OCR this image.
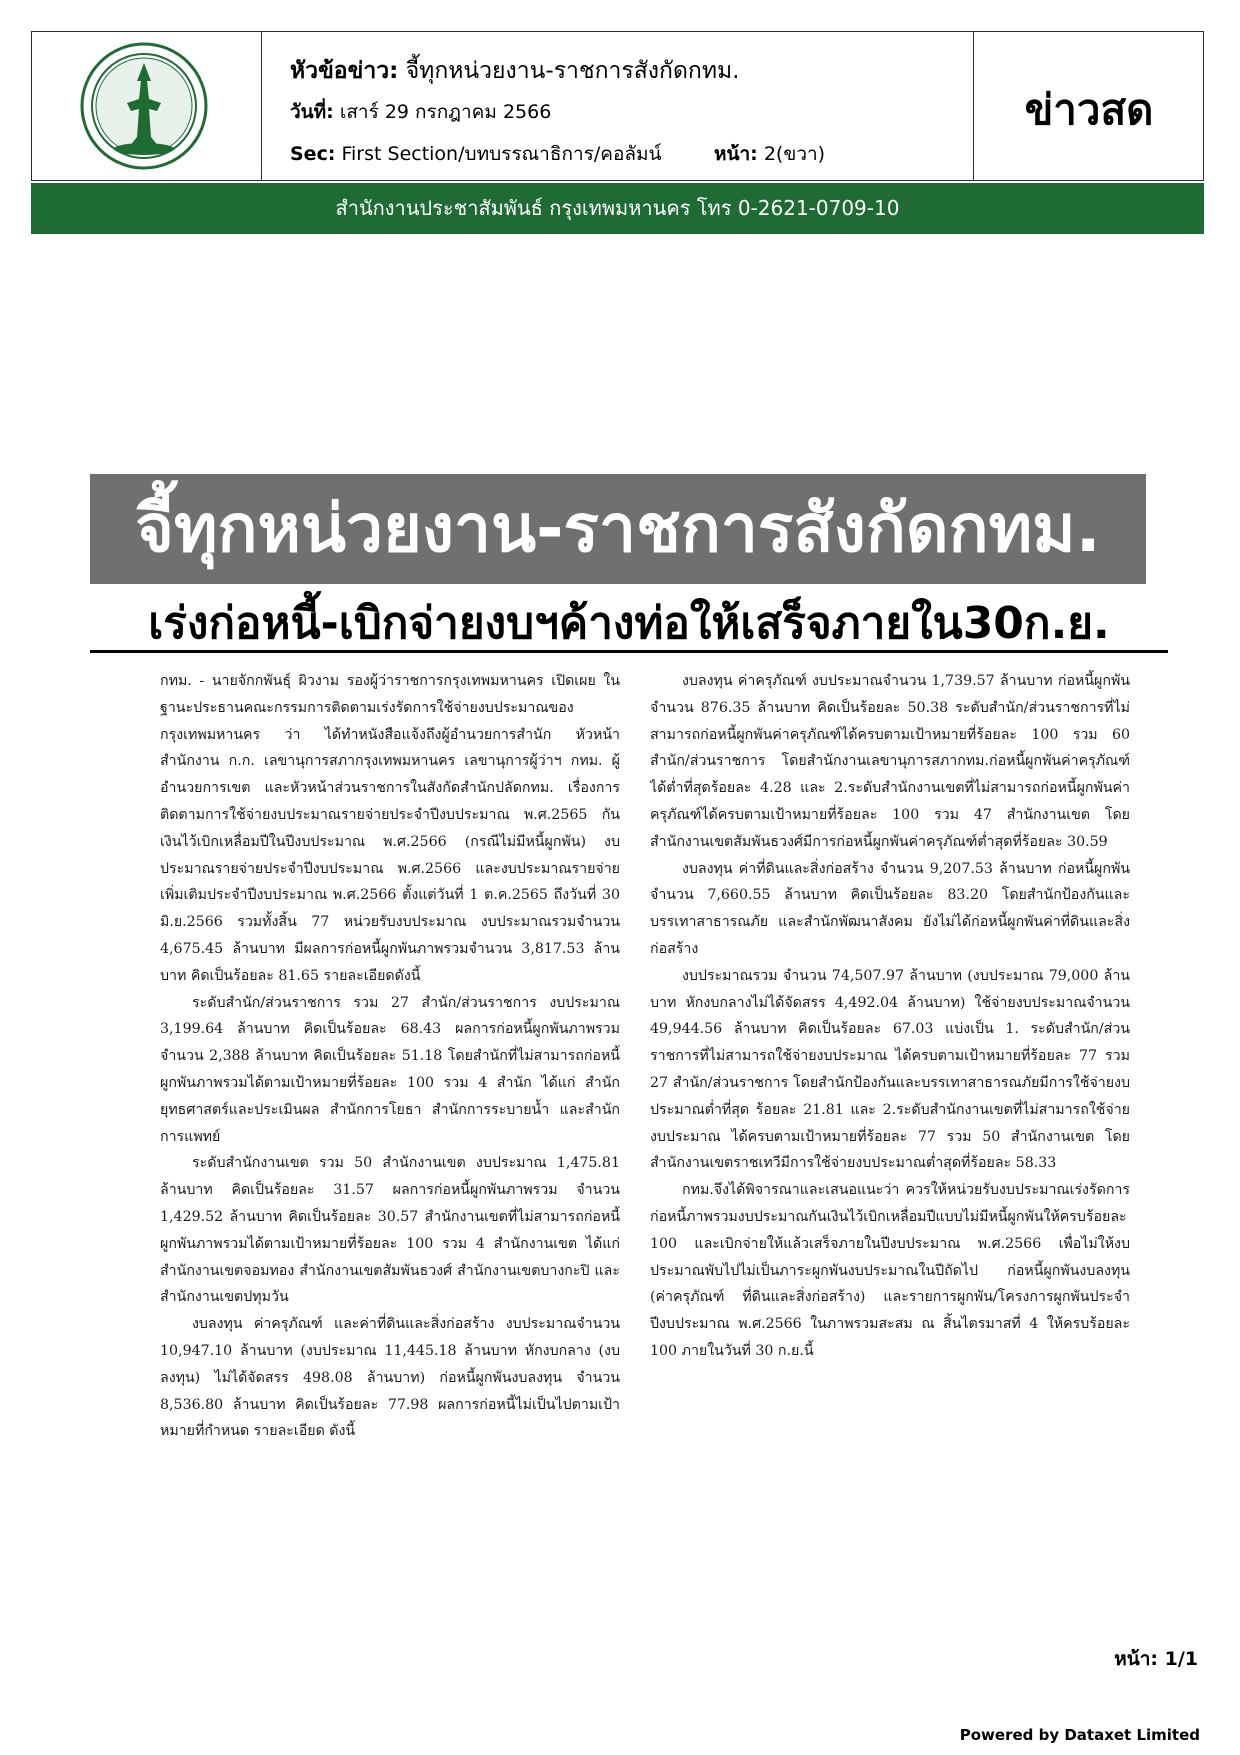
หัวข้อข่าว: จี้ทุกหน่วยงาน-ราชการสังกัดกทม.
วันที่: เสาร์ 29 กรกฎาคม 2566
Sec: First Section/บทบรรณาธิการ/คอลัมน์	หน้า: 2(ขวา)
ข่าวสด
สำนักงานประชาสัมพันธ์ กรุงเทพมหานคร โทร 0-2621-0709-10
จี้ทุกหน่วยงาน-ราชการสังกัดกทม.
เร่งก่อหนี้-เบิกจ่ายงบฯค้างท่อให้เสร็จภายใน30ก.ย.

กทม. - นายจักกพันธุ์ ผิวงาม รองผู้ว่าราชการกรุงเทพมหานคร เปิดเผย ในฐานะประธานคณะกรรมการติดตามเร่งรัดการใช้จ่ายงบประมาณของกรุงเทพมหานคร ว่า ได้ทำหนังสือแจ้งถึงผู้อำนวยการสำนัก หัวหน้าสำนักงาน ก.ก. เลขานุการสภากรุงเทพมหานคร เลขานุการผู้ว่าฯ กทม. ผู้อำนวยการเขต และหัวหน้าส่วนราชการในสังกัดสำนักปลัดกทม. เรื่องการติดตามการใช้จ่ายงบประมาณรายจ่ายประจำปีงบประมาณ พ.ศ.2565 กันเงินไว้เบิกเหลื่อมปีในปีงบประมาณ พ.ศ.2566 (กรณีไม่มีหนี้ผูกพัน) งบประมาณรายจ่ายประจำปีงบประมาณ พ.ศ.2566 และงบประมาณรายจ่ายเพิ่มเติมประจำปีงบประมาณ พ.ศ.2566 ตั้งแต่วันที่ 1 ต.ค.2565 ถึงวันที่ 30 มิ.ย.2566 รวมทั้งสิ้น 77 หน่วยรับงบประมาณ งบประมาณรวมจำนวน 4,675.45 ล้านบาท มีผลการก่อหนี้ผูกพันภาพรวมจำนวน 3,817.53 ล้านบาท คิดเป็นร้อยละ 81.65 รายละเอียดดังนี้

ระดับสำนัก/ส่วนราชการ รวม 27 สำนัก/ส่วนราชการ งบประมาณ 3,199.64 ล้านบาท คิดเป็นร้อยละ 68.43 ผลการก่อหนี้ผูกพันภาพรวมจำนวน 2,388 ล้านบาท คิดเป็นร้อยละ 51.18 โดยสำนักที่ไม่สามารถก่อหนี้ผูกพันภาพรวมได้ตามเป้าหมายที่ร้อยละ 100 รวม 4 สำนัก ได้แก่ สำนักยุทธศาสตร์และประเมินผล สำนักการโยธา สำนักการระบายน้ำ และสำนักการแพทย์

ระดับสำนักงานเขต รวม 50 สำนักงานเขต งบประมาณ 1,475.81 ล้านบาท คิดเป็นร้อยละ 31.57 ผลการก่อหนี้ผูกพันภาพรวม จำนวน 1,429.52 ล้านบาท คิดเป็นร้อยละ 30.57 สำนักงานเขตที่ไม่สามารถก่อหนี้ผูกพันภาพรวมได้ตามเป้าหมายที่ร้อยละ 100 รวม 4 สำนักงานเขต ได้แก่ สำนักงานเขตจอมทอง สำนักงานเขตสัมพันธวงศ์ สำนักงานเขตบางกะปิ และสำนักงานเขตปทุมวัน

งบลงทุน ค่าครุภัณฑ์ และค่าที่ดินและสิ่งก่อสร้าง งบประมาณจำนวน 10,947.10 ล้านบาท (งบประมาณ 11,445.18 ล้านบาท หักงบกลาง (งบลงทุน) ไม่ได้จัดสรร 498.08 ล้านบาท) ก่อหนี้ผูกพันงบลงทุน จำนวน 8,536.80 ล้านบาท คิดเป็นร้อยละ 77.98 ผลการก่อหนี้ไม่เป็นไปตามเป้าหมายที่กำหนด รายละเอียด ดังนี้

งบลงทุน ค่าครุภัณฑ์ งบประมาณจำนวน 1,739.57 ล้านบาท ก่อหนี้ผูกพัน จำนวน 876.35 ล้านบาท คิดเป็นร้อยละ 50.38 ระดับสำนัก/ส่วนราชการที่ไม่สามารถก่อหนี้ผูกพันค่าครุภัณฑ์ได้ครบตามเป้าหมายที่ร้อยละ 100 รวม 60 สำนัก/ส่วนราชการ โดยสำนักงานเลขานุการสภากทม.ก่อหนี้ผูกพันค่าครุภัณฑ์ได้ต่ำที่สุดร้อยละ 4.28 และ 2.ระดับสำนักงานเขตที่ไม่สามารถก่อหนี้ผูกพันค่าครุภัณฑ์ได้ครบตามเป้าหมายที่ร้อยละ 100 รวม 47 สำนักงานเขต โดยสำนักงานเขตสัมพันธวงศ์มีการก่อหนี้ผูกพันค่าครุภัณฑ์ต่ำสุดที่ร้อยละ 30.59

งบลงทุน ค่าที่ดินและสิ่งก่อสร้าง จำนวน 9,207.53 ล้านบาท ก่อหนี้ผูกพัน จำนวน 7,660.55 ล้านบาท คิดเป็นร้อยละ 83.20 โดยสำนักป้องกันและบรรเทาสาธารณภัย และสำนักพัฒนาสังคม ยังไม่ได้ก่อหนี้ผูกพันค่าที่ดินและสิ่งก่อสร้าง

งบประมาณรวม จำนวน 74,507.97 ล้านบาท (งบประมาณ 79,000 ล้านบาท หักงบกลางไม่ได้จัดสรร 4,492.04 ล้านบาท) ใช้จ่ายงบประมาณจำนวน 49,944.56 ล้านบาท คิดเป็นร้อยละ 67.03 แบ่งเป็น 1. ระดับสำนัก/ส่วนราชการที่ไม่สามารถใช้จ่ายงบประมาณ ได้ครบตามเป้าหมายที่ร้อยละ 77 รวม 27 สำนัก/ส่วนราชการ โดยสำนักป้องกันและบรรเทาสาธารณภัยมีการใช้จ่ายงบประมาณต่ำที่สุด ร้อยละ 21.81 และ 2.ระดับสำนักงานเขตที่ไม่สามารถใช้จ่ายงบประมาณ ได้ครบตามเป้าหมายที่ร้อยละ 77 รวม 50 สำนักงานเขต โดยสำนักงานเขตราชเทวีมีการใช้จ่ายงบประมาณต่ำสุดที่ร้อยละ 58.33

กทม.จึงได้พิจารณาและเสนอแนะว่า ควรให้หน่วยรับงบประมาณเร่งรัดการก่อหนี้ภาพรวมงบประมาณกันเงินไว้เบิกเหลื่อมปีแบบไม่มีหนี้ผูกพันให้ครบร้อยละ 100 และเบิกจ่ายให้แล้วเสร็จภายในปีงบประมาณ พ.ศ.2566 เพื่อไม่ให้งบประมาณพับไปไม่เป็นภาระผูกพันงบประมาณในปีถัดไป ก่อหนี้ผูกพันงบลงทุน (ค่าครุภัณฑ์ ที่ดินและสิ่งก่อสร้าง) และรายการผูกพัน/โครงการผูกพันประจำปีงบประมาณ พ.ศ.2566 ในภาพรวมสะสม ณ สิ้นไตรมาสที่ 4 ให้ครบร้อยละ 100 ภายในวันที่ 30 ก.ย.นี้

หน้า: 1/1
Powered by Dataxet Limited
